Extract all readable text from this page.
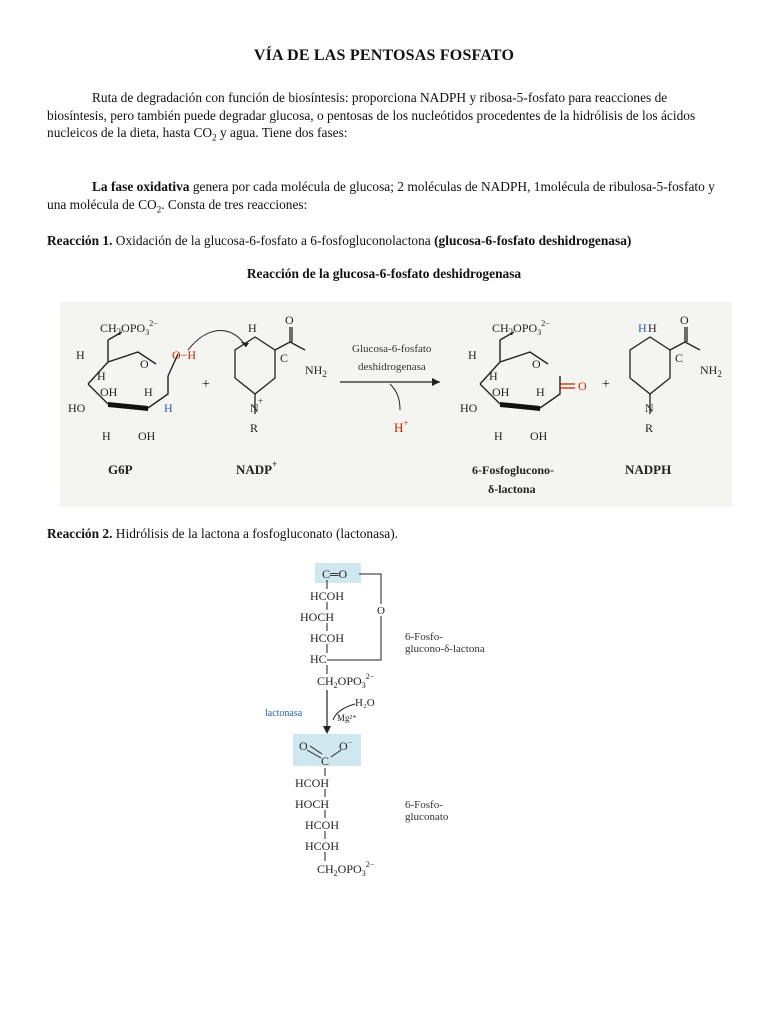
VÍA DE LAS PENTOSAS FOSFATO

Ruta de degradación con función de biosíntesis: proporciona NADPH y ribosa-5-fosfato para reacciones de biosíntesis, pero también puede degradar glucosa, o pentosas de los nucleótidos procedentes de la hidrólisis de los ácidos nucleicos de la dieta, hasta $CO_2$ y agua. Tiene dos fases:

La fase oxidativa genera por cada molécula de glucosa; 2 moléculas de NADPH, 1molécula de ribulosa-5-fosfato y una molécula de $CO_2$. Consta de tres reacciones:

Reacción 1. Oxidación de la glucosa-6-fosfato a 6-fosfogluconolactona (glucosa-6-fosfato deshidrogenasa)

Reacción de la glucosa-6-fosfato deshidrogenasa
$CH_2OPO_3^{2-}$
H
O
H
OH H
HO
H OH
O−H
H
+
H
O
C
$NH_2$
N +
R
Glucosa-6-fosfato
deshidrogenasa
H+
O
$CH_2OPO_3^{2-}$
H
O
H
OH H
HO
H OH
+
H H
O
C
$NH_2$
N
R
G6P	NADP+	6-Fosfoglucono-
δ-lactona
NADPH

Reacción 2. Hidrólisis de la lactona a fosfogluconato (lactonasa).

C═O
HCOH
HOCH
HCOH
HC
$CH_2OPO_3^{2-}$
O
6-Fosfo-
glucono-δ-lactona
lactonasa
H₂O
Mg²⁺
O	O−
C
HCOH
HOCH
HCOH
HCOH
$CH_2OPO_3^{2-}$
6-Fosfo-
gluconato
